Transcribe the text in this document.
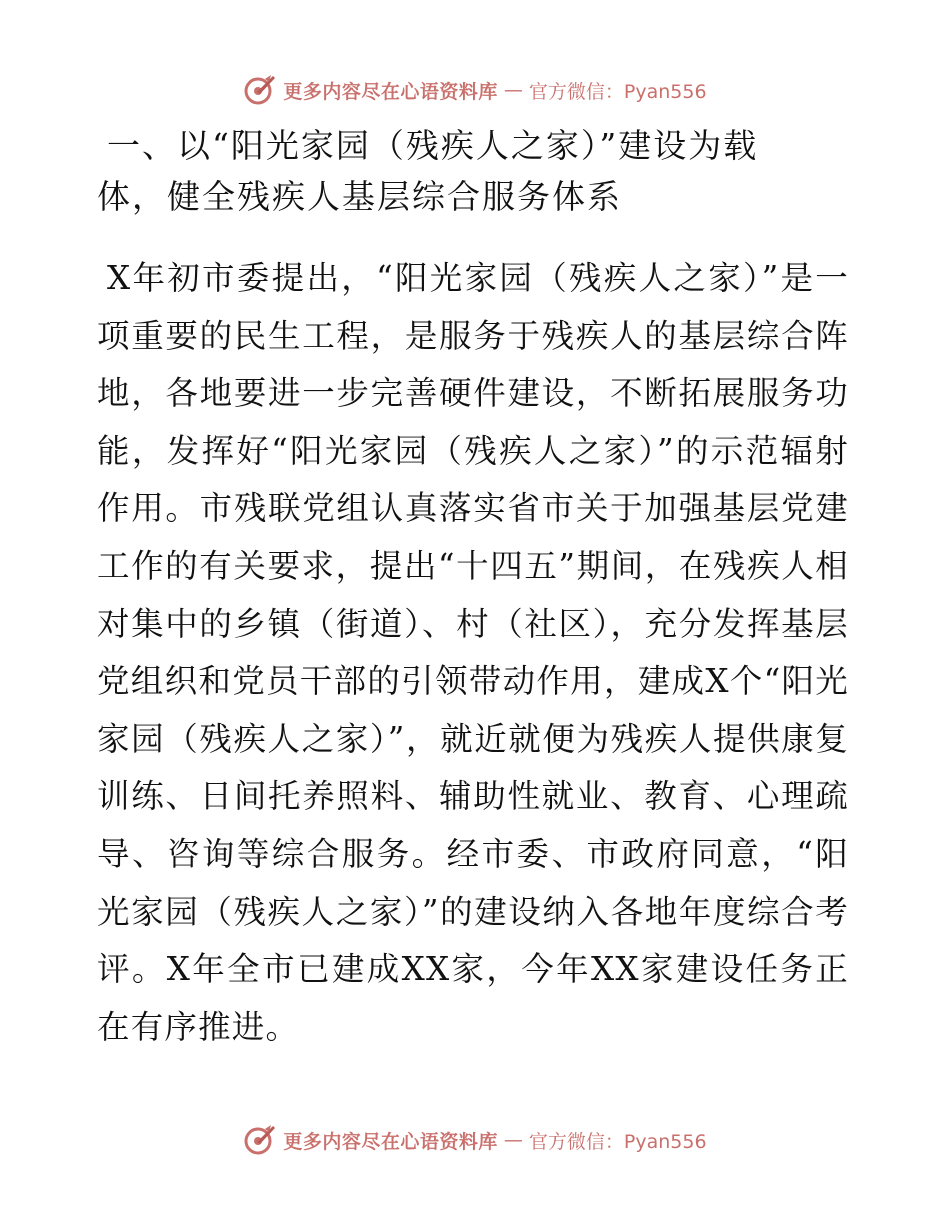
更多内容尽在心语资料库 — 官方微信：Pyan556
一、以“阳光家园（残疾人之家）”建设为载体，健全残疾人基层综合服务体系

X年初市委提出，“阳光家园（残疾人之家）”是一项重要的民生工程，是服务于残疾人的基层综合阵地，各地要进一步完善硬件建设，不断拓展服务功能，发挥好“阳光家园（残疾人之家）”的示范辐射作用。市残联党组认真落实省市关于加强基层党建工作的有关要求，提出“十四五”期间，在残疾人相对集中的乡镇（街道）、村（社区），充分发挥基层党组织和党员干部的引领带动作用，建成X个“阳光家园（残疾人之家）”，就近就便为残疾人提供康复训练、日间托养照料、辅助性就业、教育、心理疏导、咨询等综合服务。经市委、市政府同意，“阳光家园（残疾人之家）”的建设纳入各地年度综合考评。X年全市已建成XX家，今年XX家建设任务正在有序推进。

更多内容尽在心语资料库 — 官方微信：Pyan556
